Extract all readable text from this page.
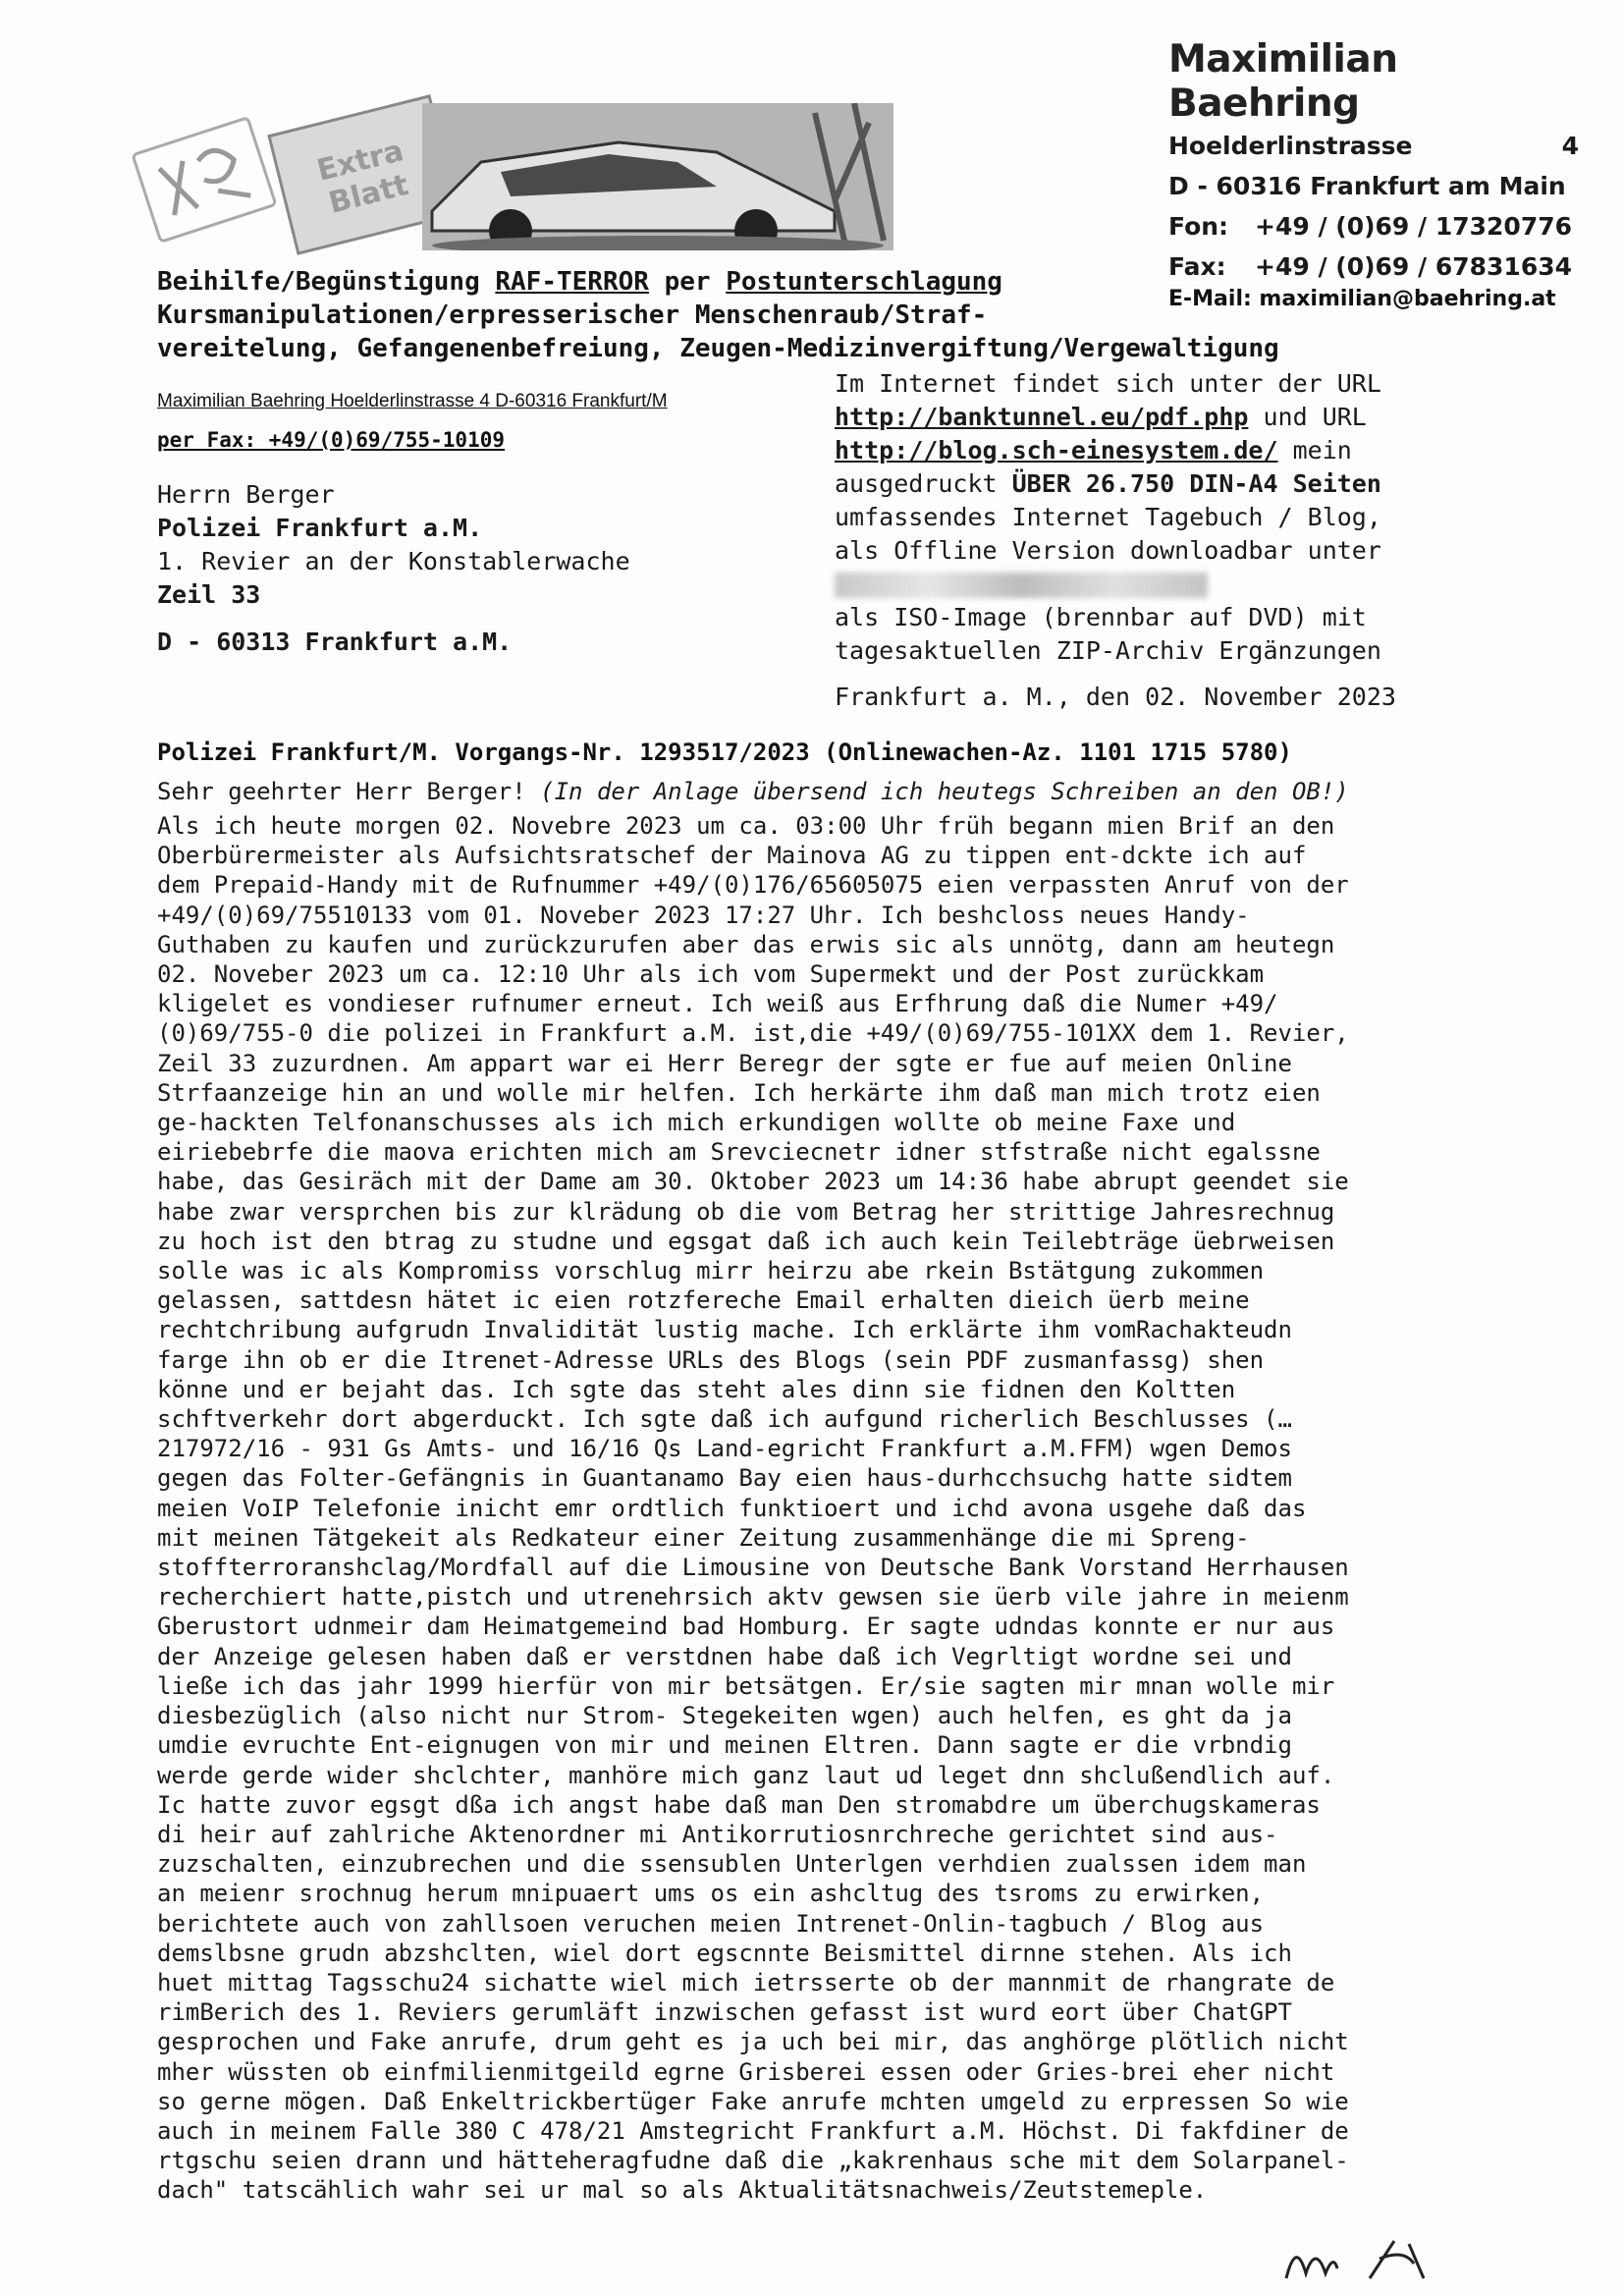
Maximilian Baehring
Hoelderlinstrasse	4
D - 60316 Frankfurt am Main
Fon: +49 / (0)69 / 17320776
Fax: +49 / (0)69 / 67831634
E-Mail: maximilian@baehring.at
Extra Blatt
Beihilfe/Begünstigung RAF-TERROR per Postunterschlagung
Kursmanipulationen/erpresserischer Menschenraub/Straf-
vereitelung, Gefangenenbefreiung, Zeugen-Medizinvergiftung/Vergewaltigung
Maximilian Baehring Hoelderlinstrasse 4 D-60316 Frankfurt/M
per Fax: +49/(0)69/755-10109
Herrn Berger
Polizei Frankfurt a.M.
1. Revier an der Konstablerwache
Zeil 33
D - 60313 Frankfurt a.M.
Im Internet findet sich unter der URL
http://banktunnel.eu/pdf.php und URL
http://blog.sch-einesystem.de/ mein
ausgedruckt ÜBER 26.750 DIN-A4 Seiten
umfassendes Internet Tagebuch / Blog,
als Offline Version downloadbar unter
als ISO-Image (brennbar auf DVD) mit
tagesaktuellen ZIP-Archiv Ergänzungen
Frankfurt a. M., den 02. November 2023
Polizei Frankfurt/M. Vorgangs-Nr. 1293517/2023 (Onlinewachen-Az. 1101 1715 5780)
Sehr geehrter Herr Berger! (In der Anlage übersend ich heutegs Schreiben an den OB!)
Als ich heute morgen 02. Novebre 2023 um ca. 03:00 Uhr früh begann mien Brif an den
Oberbürermeister als Aufsichtsratschef der Mainova AG zu tippen ent-dckte ich auf
dem Prepaid-Handy mit de Rufnummer +49/(0)176/65605075 eien verpassten Anruf von der
+49/(0)69/75510133 vom 01. Noveber 2023 17:27 Uhr. Ich beshcloss neues Handy-
Guthaben zu kaufen und zurückzurufen aber das erwis sic als unnötg, dann am heutegn
02. Noveber 2023 um ca. 12:10 Uhr als ich vom Supermekt und der Post zurückkam
kligelet es vondieser rufnumer erneut. Ich weiß aus Erfhrung daß die Numer +49/
(0)69/755-0 die polizei in Frankfurt a.M. ist,die +49/(0)69/755-101XX dem 1. Revier,
Zeil 33 zuzurdnen. Am appart war ei Herr Beregr der sgte er fue auf meien Online
Strfaanzeige hin an und wolle mir helfen. Ich herkärte ihm daß man mich trotz eien
ge-hackten Telfonanschusses als ich mich erkundigen wollte ob meine Faxe und
eiriebebrfe die maova erichten mich am Srevciecnetr idner stfstraße nicht egalssne
habe, das Gesiräch mit der Dame am 30. Oktober 2023 um 14:36 habe abrupt geendet sie
habe zwar versprchen bis zur klrädung ob die vom Betrag her strittige Jahresrechnug
zu hoch ist den btrag zu studne und egsgat daß ich auch kein Teilebträge üebrweisen
solle was ic als Kompromiss vorschlug mirr heirzu abe rkein Bstätgung zukommen
gelassen, sattdesn hätet ic eien rotzfereche Email erhalten dieich üerb meine
rechtchribung aufgrudn Invalidität lustig mache. Ich erklärte ihm vomRachakteudn
farge ihn ob er die Itrenet-Adresse URLs des Blogs (sein PDF zusmanfassg) shen
könne und er bejaht das. Ich sgte das steht ales dinn sie fidnen den Koltten
schftverkehr dort abgerduckt. Ich sgte daß ich aufgund richerlich Beschlusses (…
217972/16 - 931 Gs Amts- und 16/16 Qs Land-egricht Frankfurt a.M.FFM) wgen Demos
gegen das Folter-Gefängnis in Guantanamo Bay eien haus-durhcchsuchg hatte sidtem
meien VoIP Telefonie inicht emr ordtlich funktioert und ichd avona usgehe daß das
mit meinen Tätgekeit als Redkateur einer Zeitung zusammenhänge die mi Spreng-
stoffterroranshclag/Mordfall auf die Limousine von Deutsche Bank Vorstand Herrhausen
recherchiert hatte,pistch und utrenehrsich aktv gewsen sie üerb vile jahre in meienm
Gberustort udnmeir dam Heimatgemeind bad Homburg. Er sagte udndas konnte er nur aus
der Anzeige gelesen haben daß er verstdnen habe daß ich Vegrltigt wordne sei und
ließe ich das jahr 1999 hierfür von mir betsätgen. Er/sie sagten mir mnan wolle mir
diesbezüglich (also nicht nur Strom- Stegekeiten wgen) auch helfen, es ght da ja
umdie evruchte Ent-eignugen von mir und meinen Eltren. Dann sagte er die vrbndig
werde gerde wider shclchter, manhöre mich ganz laut ud leget dnn shclußendlich auf.
Ic hatte zuvor egsgt dßa ich angst habe daß man Den stromabdre um überchugskameras
di heir auf zahlriche Aktenordner mi Antikorrutiosnrchreche gerichtet sind aus-
zuzschalten, einzubrechen und die ssensublen Unterlgen verhdien zualssen idem man
an meienr srochnug herum mnipuaert ums os ein ashcltug des tsroms zu erwirken,
berichtete auch von zahllsoen veruchen meien Intrenet-Onlin-tagbuch / Blog aus
demslbsne grudn abzshclten, wiel dort egscnnte Beismittel dirnne stehen. Als ich
huet mittag Tagsschu24 sichatte wiel mich ietrsserte ob der mannmit de rhangrate de
rimBerich des 1. Reviers gerumläft inzwischen gefasst ist wurd eort über ChatGPT
gesprochen und Fake anrufe, drum geht es ja uch bei mir, das anghörge plötlich nicht
mher wüssten ob einfmilienmitgeild egrne Grisberei essen oder Gries-brei eher nicht
so gerne mögen. Daß Enkeltrickbertüger Fake anrufe mchten umgeld zu erpressen So wie
auch in meinem Falle 380 C 478/21 Amstegricht Frankfurt a.M. Höchst. Di fakfdiner de
rtgschu seien drann und hätteheragfudne daß die „kakrenhaus sche mit dem Solarpanel-
dach" tatscählich wahr sei ur mal so als Aktualitätsnachweis/Zeutstemeple.
